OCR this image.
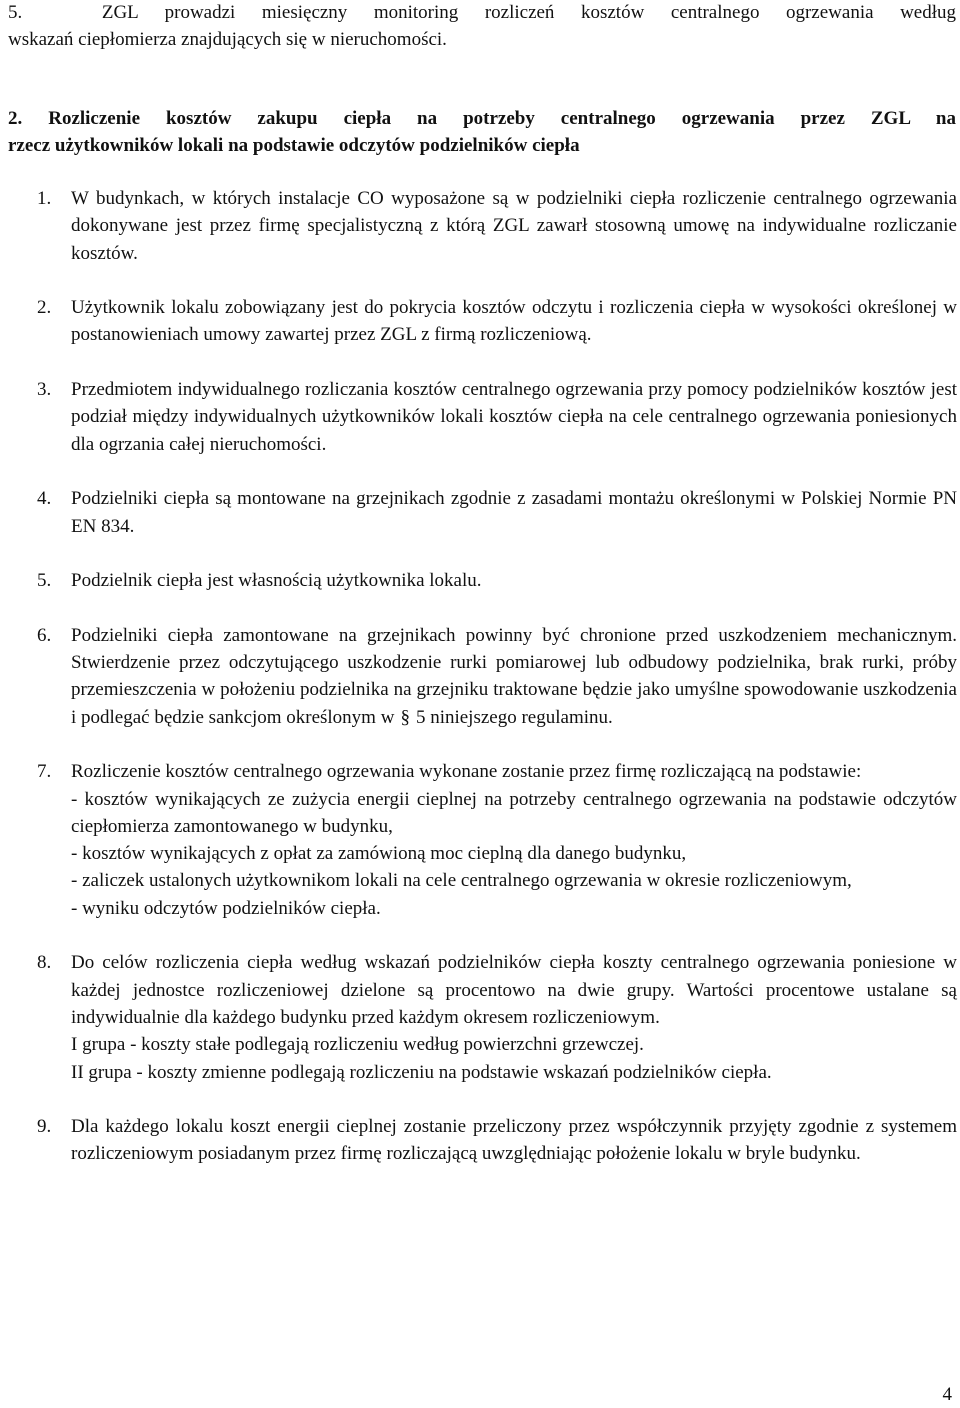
5.	ZGL prowadzi miesięczny monitoring rozliczeń kosztów centralnego ogrzewania według
wskazań ciepłomierza znajdujących się w nieruchomości.
2. Rozliczenie kosztów zakupu ciepła na potrzeby centralnego ogrzewania przez ZGL na
rzecz użytkowników lokali na podstawie odczytów podzielników ciepła
1. W budynkach, w których instalacje CO wyposażone są w podzielniki ciepła rozliczenie centralnego ogrzewania dokonywane jest przez firmę specjalistyczną z którą ZGL zawarł stosowną umowę na indywidualne rozliczanie kosztów.

2. Użytkownik lokalu zobowiązany jest do pokrycia kosztów odczytu i rozliczenia ciepła w wysokości określonej w postanowieniach umowy zawartej przez ZGL z firmą rozliczeniową.

3. Przedmiotem indywidualnego rozliczania kosztów centralnego ogrzewania przy pomocy podzielników kosztów jest podział między indywidualnych użytkowników lokali kosztów ciepła na cele centralnego ogrzewania poniesionych dla ogrzania całej nieruchomości.

4. Podzielniki ciepła są montowane na grzejnikach zgodnie z zasadami montażu określonymi w Polskiej Normie PN EN 834.

5. Podzielnik ciepła jest własnością użytkownika lokalu.

6. Podzielniki ciepła zamontowane na grzejnikach powinny być chronione przed uszkodzeniem mechanicznym. Stwierdzenie przez odczytującego uszkodzenie rurki pomiarowej lub odbudowy podzielnika, brak rurki, próby przemieszczenia w położeniu podzielnika na grzejniku traktowane będzie jako umyślne spowodowanie uszkodzenia i podlegać będzie sankcjom określonym w § 5 niniejszego regulaminu.

7. Rozliczenie kosztów centralnego ogrzewania wykonane zostanie przez firmę rozliczającą na podstawie:

- kosztów wynikających ze zużycia energii cieplnej na potrzeby centralnego ogrzewania na podstawie odczytów ciepłomierza zamontowanego w budynku,

- kosztów wynikających z opłat za zamówioną moc cieplną dla danego budynku,

- zaliczek ustalonych użytkownikom lokali na cele centralnego ogrzewania w okresie rozliczeniowym,

- wyniku odczytów podzielników ciepła.

8. Do celów rozliczenia ciepła według wskazań podzielników ciepła koszty centralnego ogrzewania poniesione w każdej jednostce rozliczeniowej dzielone są procentowo na dwie grupy. Wartości procentowe ustalane są indywidualnie dla każdego budynku przed każdym okresem rozliczeniowym.

I grupa - koszty stałe podlegają rozliczeniu według powierzchni grzewczej.

II grupa - koszty zmienne podlegają rozliczeniu na podstawie wskazań podzielników ciepła.

9. Dla każdego lokalu koszt energii cieplnej zostanie przeliczony przez współczynnik przyjęty zgodnie z systemem rozliczeniowym posiadanym przez firmę rozliczającą uwzględniając położenie lokalu w bryle budynku.

4
